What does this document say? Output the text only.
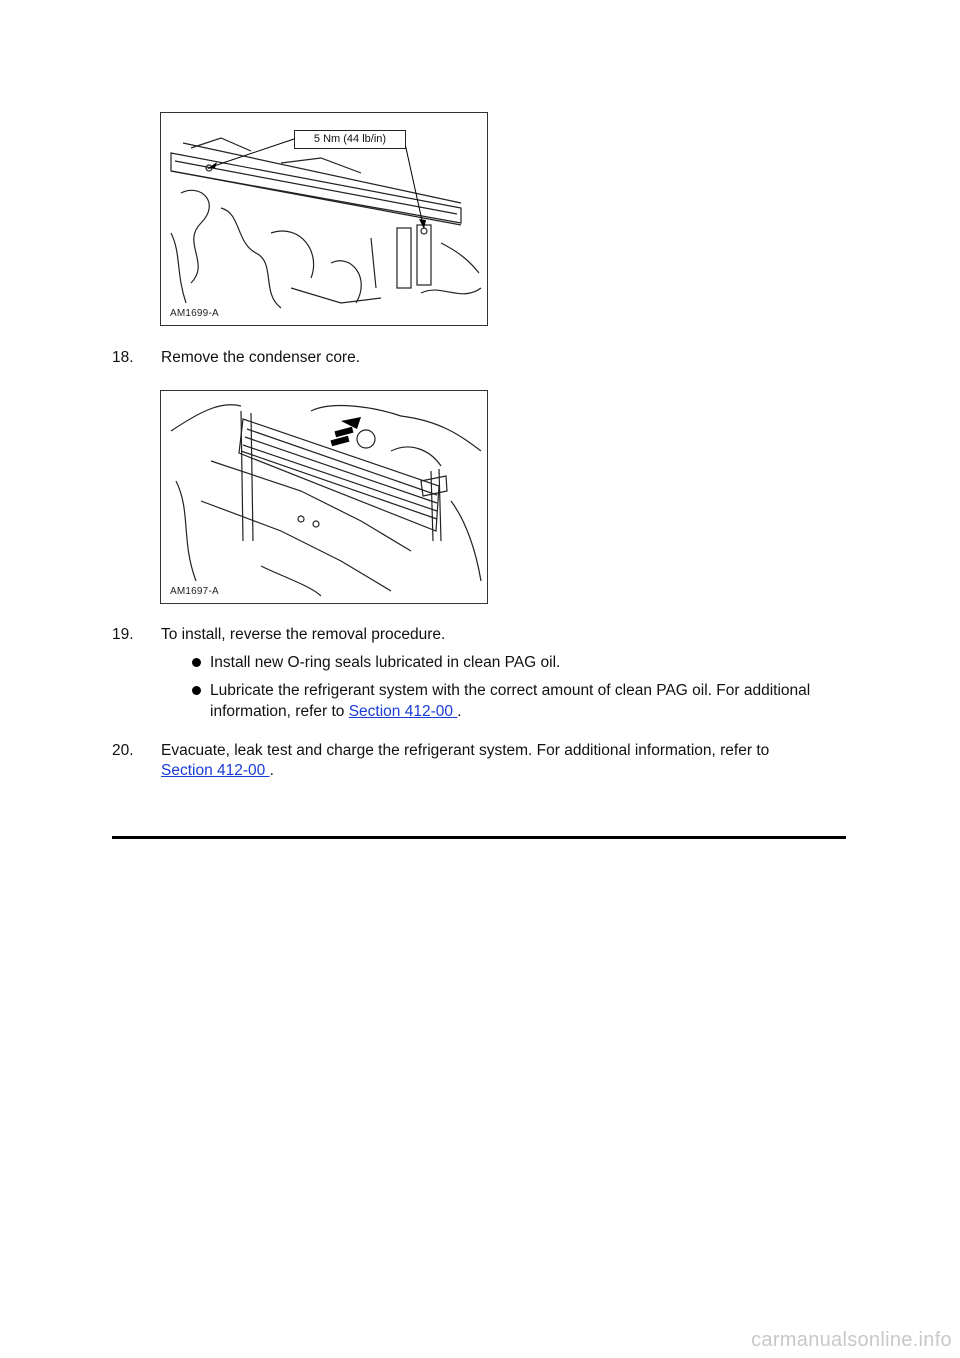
5 Nm (44 lb/in)
AM1699-A
18. Remove the condenser core.
AM1697-A
19. To install, reverse the removal procedure.
Install new O-ring seals lubricated in clean PAG oil.
Lubricate the refrigerant system with the correct amount of clean PAG oil. For additional information, refer to Section 412-00 .
20. Evacuate, leak test and charge the refrigerant system. For additional information, refer to
Section 412-00 .
carmanualsonline.info
